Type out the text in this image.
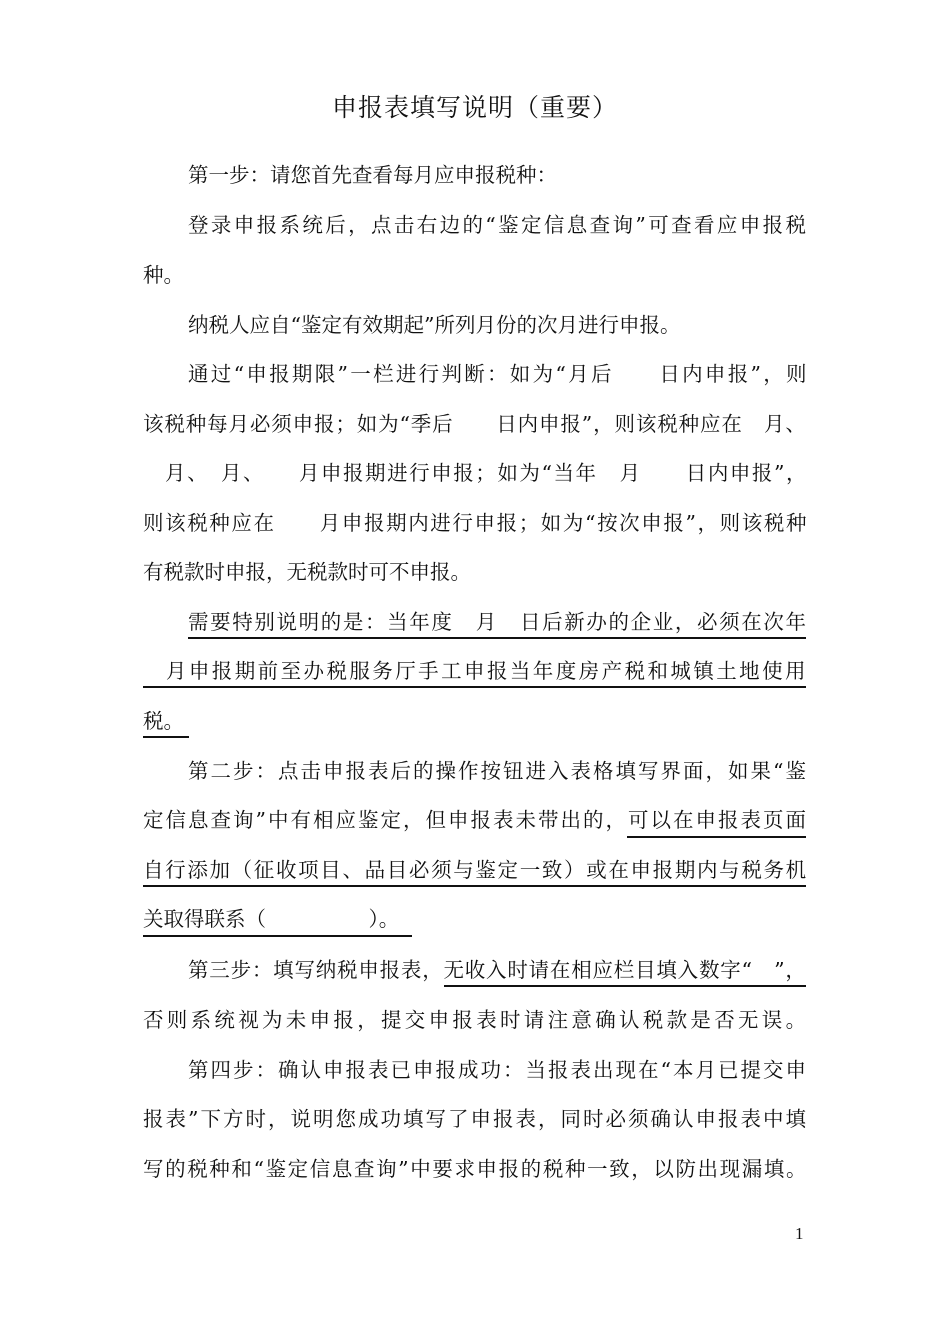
申报表填写说明（重要）
第一步：请您首先查看每月应申报税种：
登录申报系统后，点击右边的“鉴定信息查询”可查看应申报税
种。
纳税人应自“鉴定有效期起”所列月份的次月进行申报。
通过“申报期限”一栏进行判断：如为“月后　　日内申报”，则
该税种每月必须申报；如为“季后　　日内申报”，则该税种应在　月、
　月、　月、　　月申报期进行申报；如为“当年　月　　日内申报”，
则该税种应在　　月申报期内进行申报；如为“按次申报”，则该税种
有税款时申报，无税款时可不申报。
需要特别说明的是：当年度　月　日后新办的企业，必须在次年
　月申报期前至办税服务厅手工申报当年度房产税和城镇土地使用
税。
第二步：点击申报表后的操作按钮进入表格填写界面，如果“鉴
定信息查询”中有相应鉴定，但申报表未带出的，可以在申报表页面
自行添加（征收项目、品目必须与鉴定一致）或在申报期内与税务机
关取得联系（　　　　　）。
第三步：填写纳税申报表，无收入时请在相应栏目填入数字“　”，
否则系统视为未申报，提交申报表时请注意确认税款是否无误。
第四步：确认申报表已申报成功：当报表出现在“本月已提交申
报表”下方时，说明您成功填写了申报表，同时必须确认申报表中填
写的税种和“鉴定信息查询”中要求申报的税种一致，以防出现漏填。
1
